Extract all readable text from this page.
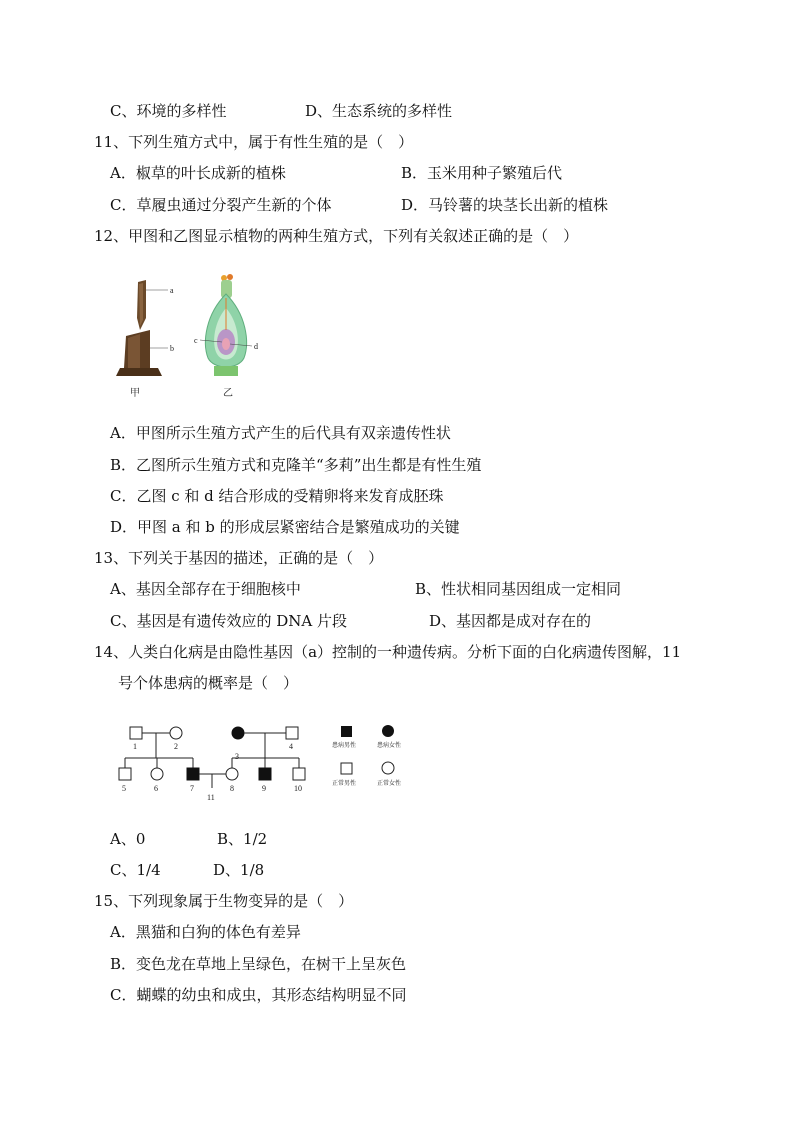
C、环境的多样性	D、生态系统的多样性
11、下列生殖方式中，属于有性生殖的是（　）
A．椒草的叶长成新的植株	B．玉米用种子繁殖后代
C．草履虫通过分裂产生新的个体	D．马铃薯的块茎长出新的植株
12、甲图和乙图显示植物的两种生殖方式，下列有关叙述正确的是（　）
a
b
甲
c
d
乙
A．甲图所示生殖方式产生的后代具有双亲遗传性状
B．乙图所示生殖方式和克隆羊“多莉”出生都是有性生殖
C．乙图 c 和 d 结合形成的受精卵将来发育成胚珠
D．甲图 a 和 b 的形成层紧密结合是繁殖成功的关键
13、下列关于基因的描述，正确的是（　）
A、基因全部存在于细胞核中	B、性状相同基因组成一定相同
C、基因是有遗传效应的 DNA 片段	D、基因都是成对存在的
14、人类白化病是由隐性基因（a）控制的一种遗传病。分析下面的白化病遗传图解，11
号个体患病的概率是（　）
1	2
3
4
5	6	7	8	9	10
11
患病男性	患病女性
正常男性	正常女性
A、0	B、1/2
C、1/4	D、1/8
15、下列现象属于生物变异的是（　）
A．黑猫和白狗的体色有差异
B．变色龙在草地上呈绿色，在树干上呈灰色
C．蝴蝶的幼虫和成虫，其形态结构明显不同
